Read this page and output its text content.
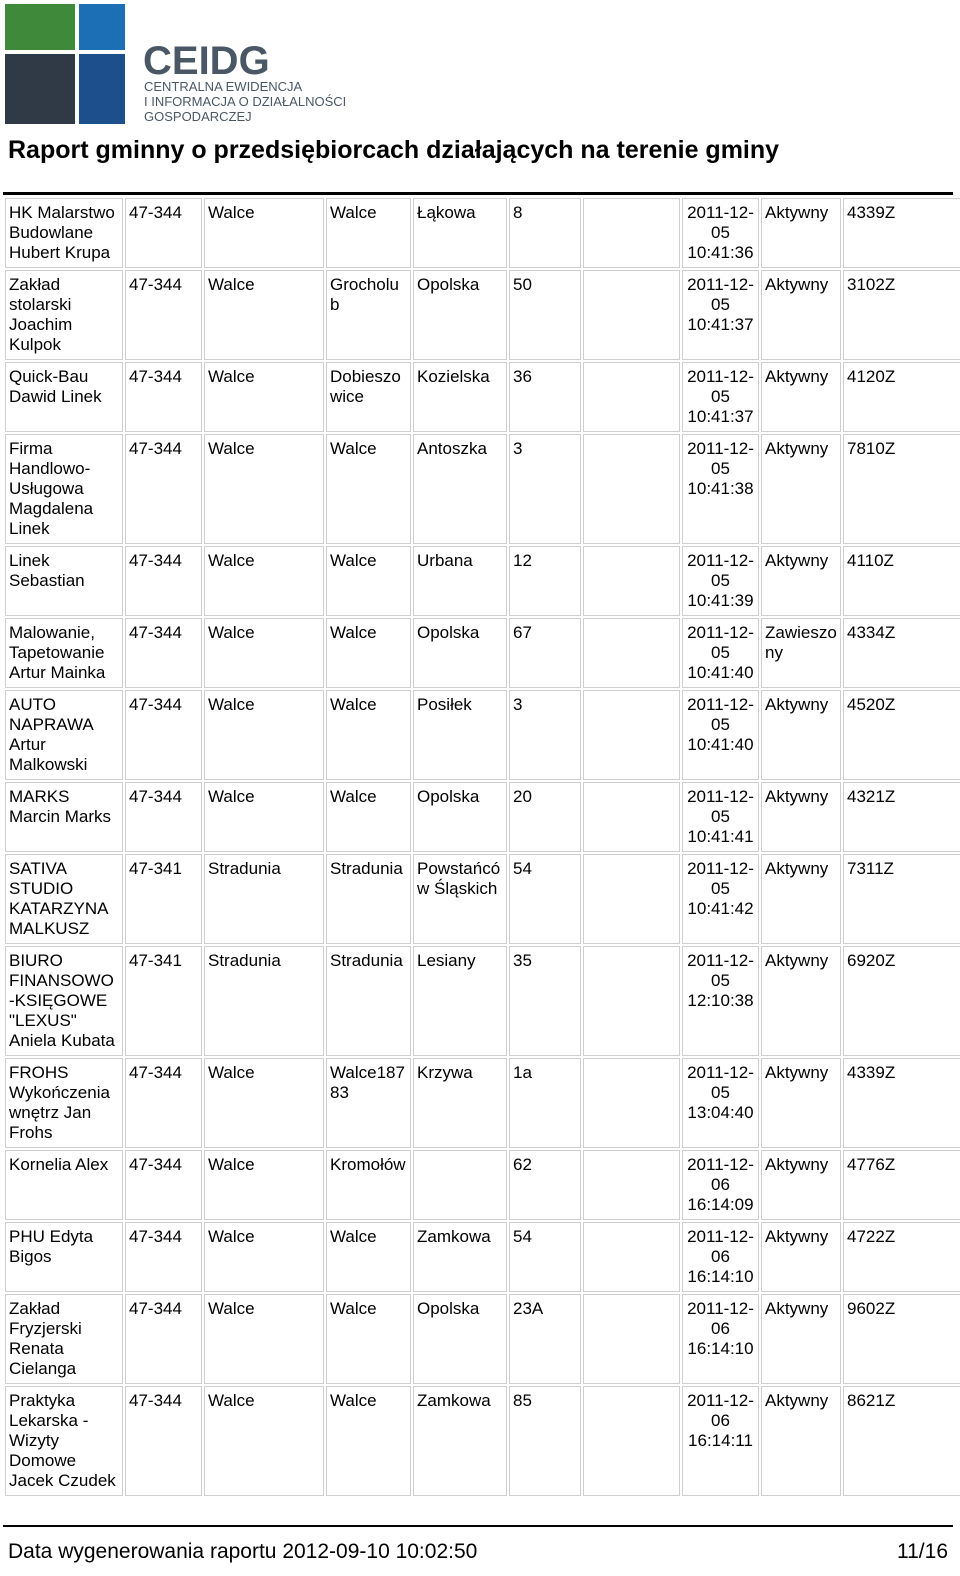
CEIDG
CENTRALNA EWIDENCJA
I INFORMACJA O DZIAŁALNOŚCI
GOSPODARCZEJ
Raport gminny o przedsiębiorcach działających na terenie gminy
HK Malarstwo Budowlane Hubert Krupa	47-344	Walce	Walce	Łąkowa	8		2011-12-05 10:41:36	Aktywny	4339Z
Zakład stolarski Joachim Kulpok	47-344	Walce	Grocholub	Opolska	50		2011-12-05 10:41:37	Aktywny	3102Z
Quick-Bau Dawid Linek	47-344	Walce	Dobieszowice	Kozielska	36		2011-12-05 10:41:37	Aktywny	4120Z
Firma Handlowo-Usługowa Magdalena Linek	47-344	Walce	Walce	Antoszka	3		2011-12-05 10:41:38	Aktywny	7810Z
Linek Sebastian	47-344	Walce	Walce	Urbana	12		2011-12-05 10:41:39	Aktywny	4110Z
Malowanie, Tapetowanie Artur Mainka	47-344	Walce	Walce	Opolska	67		2011-12-05 10:41:40	Zawieszony	4334Z
AUTO NAPRAWA Artur Malkowski	47-344	Walce	Walce	Posiłek	3		2011-12-05 10:41:40	Aktywny	4520Z
MARKS Marcin Marks	47-344	Walce	Walce	Opolska	20		2011-12-05 10:41:41	Aktywny	4321Z
SATIVA STUDIO KATARZYNA MALKUSZ	47-341	Stradunia	Stradunia	Powstańców Śląskich	54		2011-12-05 10:41:42	Aktywny	7311Z
BIURO FINANSOWO-KSIĘGOWE "LEXUS" Aniela Kubata	47-341	Stradunia	Stradunia	Lesiany	35		2011-12-05 12:10:38	Aktywny	6920Z
FROHS Wykończenia wnętrz Jan Frohs	47-344	Walce	Walce18783	Krzywa	1a		2011-12-05 13:04:40	Aktywny	4339Z
Kornelia Alex	47-344	Walce	Kromołów		62		2011-12-06 16:14:09	Aktywny	4776Z
PHU Edyta Bigos	47-344	Walce	Walce	Zamkowa	54		2011-12-06 16:14:10	Aktywny	4722Z
Zakład Fryzjerski Renata Cielanga	47-344	Walce	Walce	Opolska	23A		2011-12-06 16:14:10	Aktywny	9602Z
Praktyka Lekarska - Wizyty Domowe Jacek Czudek	47-344	Walce	Walce	Zamkowa	85		2011-12-06 16:14:11	Aktywny	8621Z
Data wygenerowania raportu 2012-09-10 10:02:50	11/16
